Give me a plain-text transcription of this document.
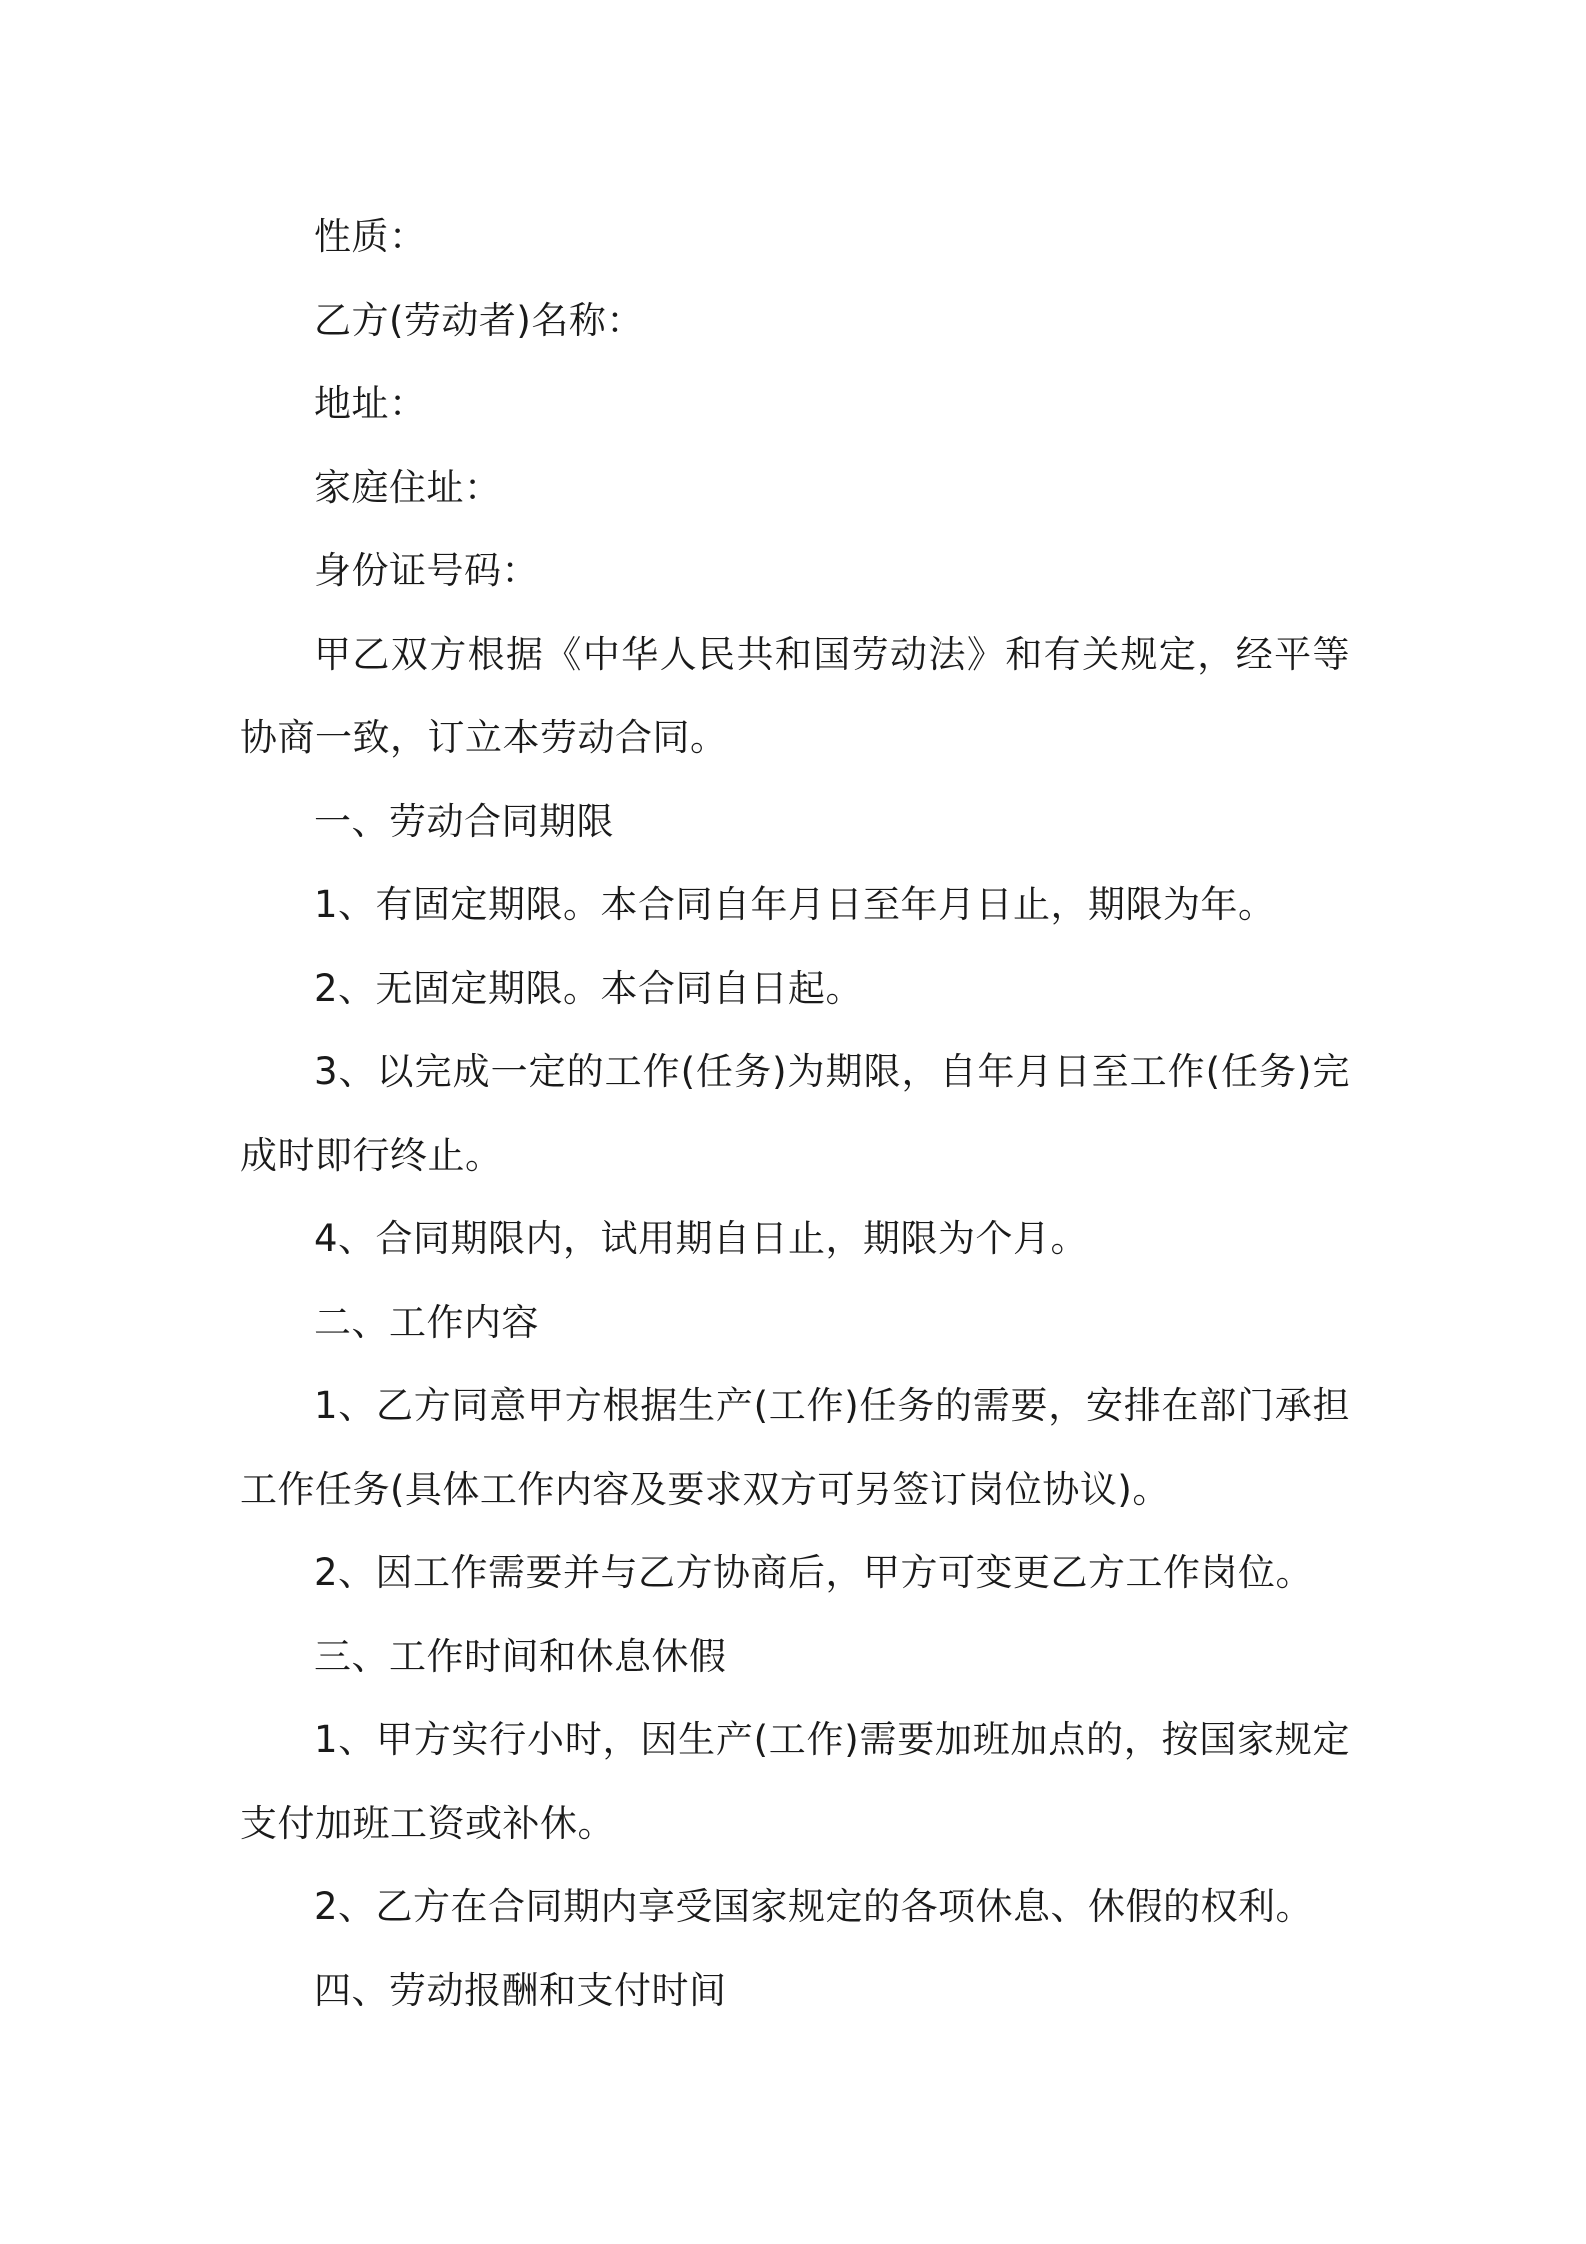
性质：

乙方(劳动者)名称：

地址：

家庭住址：

身份证号码：

甲乙双方根据《中华人民共和国劳动法》和有关规定，经平等协商一致，订立本劳动合同。

一、劳动合同期限

1、有固定期限。本合同自年月日至年月日止，期限为年。

2、无固定期限。本合同自日起。

3、以完成一定的工作(任务)为期限，自年月日至工作(任务)完成时即行终止。

4、合同期限内，试用期自日止，期限为个月。

二、工作内容

1、乙方同意甲方根据生产(工作)任务的需要，安排在部门承担工作任务(具体工作内容及要求双方可另签订岗位协议)。

2、因工作需要并与乙方协商后，甲方可变更乙方工作岗位。

三、工作时间和休息休假

1、甲方实行小时，因生产(工作)需要加班加点的，按国家规定支付加班工资或补休。

2、乙方在合同期内享受国家规定的各项休息、休假的权利。

四、劳动报酬和支付时间
